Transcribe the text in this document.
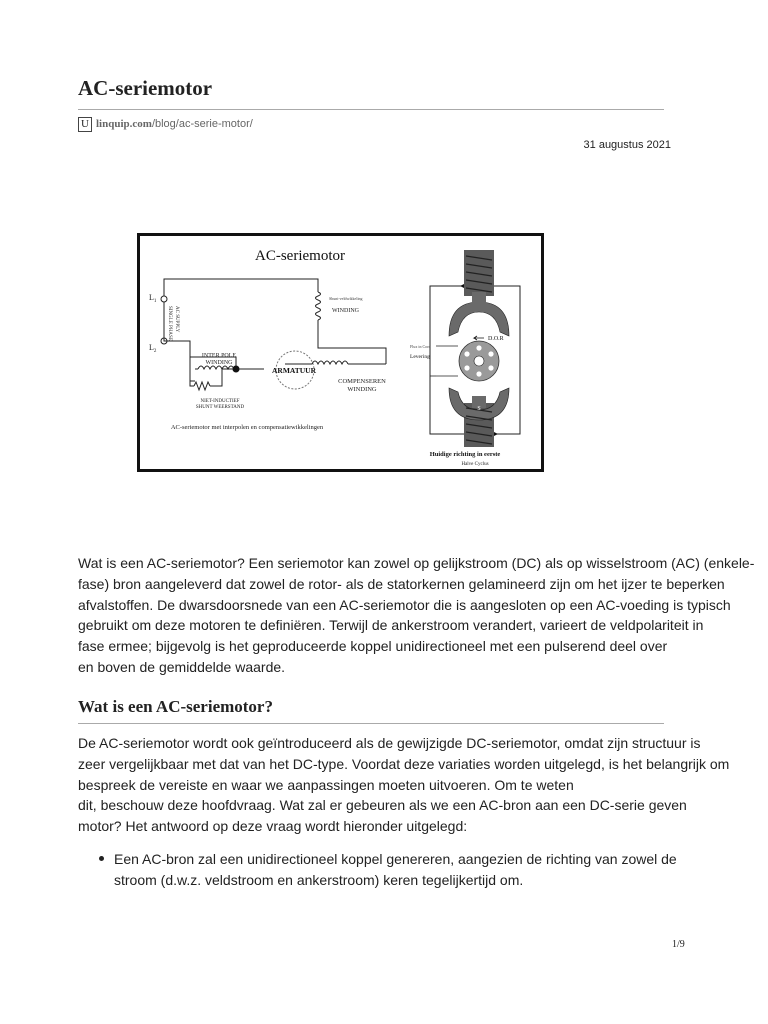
AC-seriemotor
U linquip.com/blog/ac-serie-motor/
31 augustus 2021
AC-seriemotor
$L_1$
$L_2$
SINGLE PHASE AC SUPPLY
Shunt-veldwikkeling
WINDING
INTER POLE
WINDING
NIET-INDUCTIEF
SHUNT WEERSTAND
ARMATUUR
COMPENSEREN
WINDING
AC-seriemotor met interpolen en compensatiewikkelingen
N
S
D.O.R
Flux in Core
Levering
Huidige richting in eerste
Halve Cyclus
Wat is een AC-seriemotor? Een seriemotor kan zowel op gelijkstroom (DC) als op wisselstroom (AC) (enkele-
fase) bron aangeleverd dat zowel de rotor- als de statorkernen gelamineerd zijn om het ijzer te beperken
afvalstoffen. De dwarsdoorsnede van een AC-seriemotor die is aangesloten op een AC-voeding is typisch
gebruikt om deze motoren te definiëren. Terwijl de ankerstroom verandert, varieert de veldpolariteit in
fase ermee; bijgevolg is het geproduceerde koppel unidirectioneel met een pulserend deel over
en boven de gemiddelde waarde.
Wat is een AC-seriemotor?
De AC-seriemotor wordt ook geïntroduceerd als de gewijzigde DC-seriemotor, omdat zijn structuur is
zeer vergelijkbaar met dat van het DC-type. Voordat deze variaties worden uitgelegd, is het belangrijk om
bespreek de vereiste en waar we aanpassingen moeten uitvoeren. Om te weten
dit, beschouw deze hoofdvraag. Wat zal er gebeuren als we een AC-bron aan een DC-serie geven
motor? Het antwoord op deze vraag wordt hieronder uitgelegd:
Een AC-bron zal een unidirectioneel koppel genereren, aangezien de richting van zowel de
stroom (d.w.z. veldstroom en ankerstroom) keren tegelijkertijd om.
1/9
